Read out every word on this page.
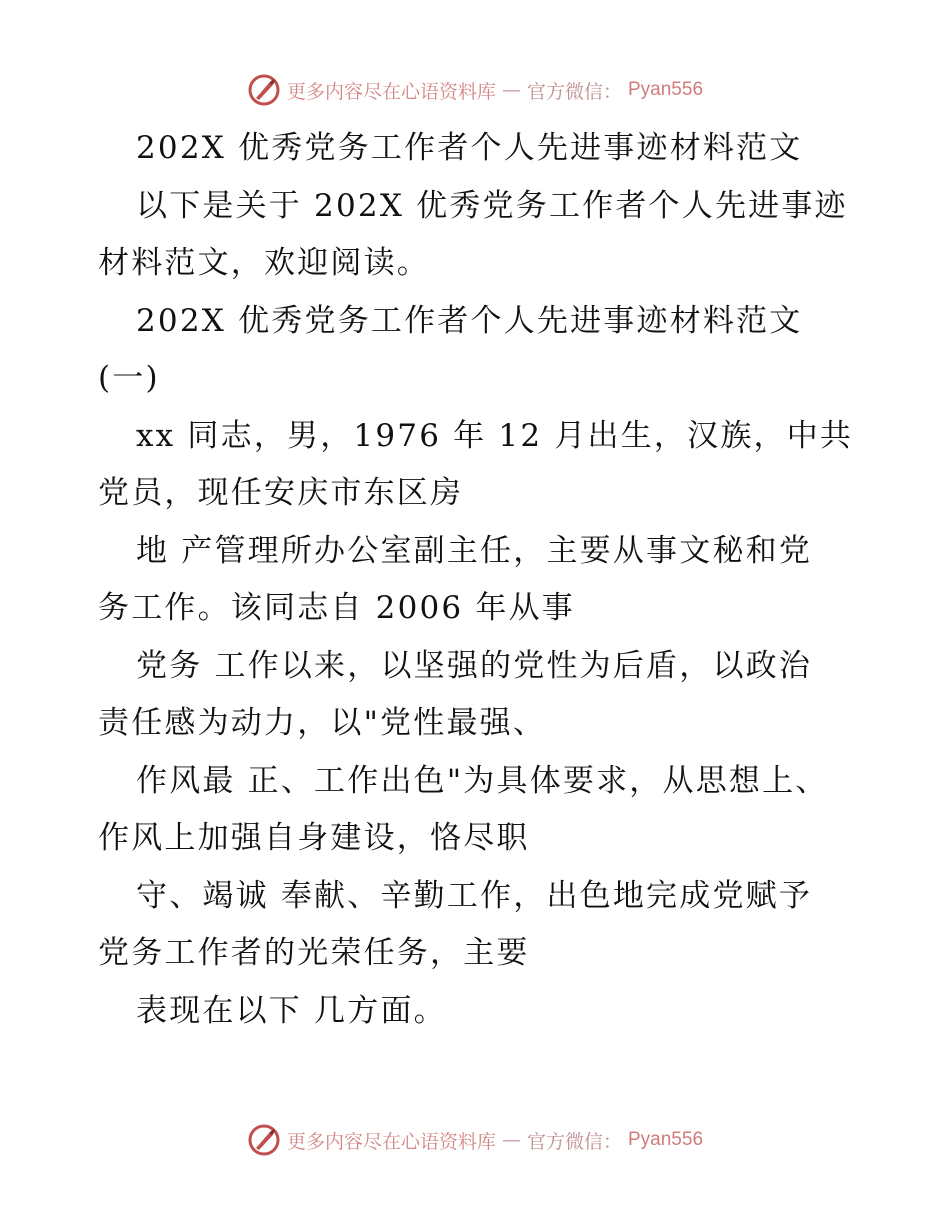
更多内容尽在心语资料库 — 官方微信： Pyan556

202X 优秀党务工作者个人先进事迹材料范文

以下是关于 202X 优秀党务工作者个人先进事迹

材料范文，欢迎阅读。

202X 优秀党务工作者个人先进事迹材料范文

(一)

xx 同志，男，1976 年 12 月出生，汉族，中共

党员，现任安庆市东区房

地 产管理所办公室副主任，主要从事文秘和党

务工作。该同志自 2006 年从事

党务 工作以来，以坚强的党性为后盾，以政治

责任感为动力，以"党性最强、

作风最 正、工作出色"为具体要求，从思想上、

作风上加强自身建设，恪尽职

守、竭诚 奉献、辛勤工作，出色地完成党赋予

党务工作者的光荣任务，主要

表现在以下 几方面。

更多内容尽在心语资料库 — 官方微信： Pyan556
